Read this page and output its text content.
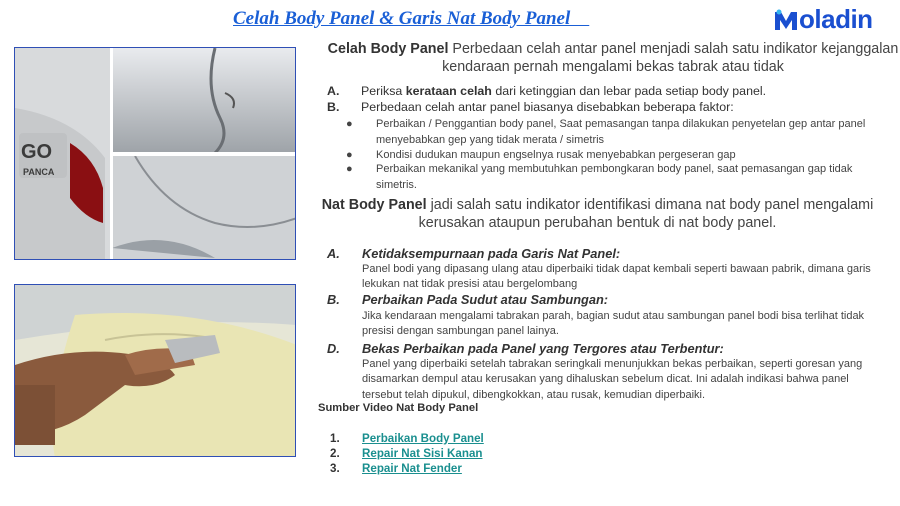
Celah Body Panel & Garis Nat Body Panel	oladin
GO
PANCA
Celah Body Panel Perbedaan celah antar panel menjadi salah satu indikator kejanggalan kendaraan pernah mengalami bekas tabrak atau tidak
A. Periksa kerataan celah dari ketinggian dan lebar pada setiap body panel.
B. Perbedaan celah antar panel biasanya disebabkan beberapa faktor:
● Perbaikan / Penggantian body panel, Saat pemasangan tanpa dilakukan penyetelan gep antar panel menyebabkan gep yang tidak merata / simetris
● Kondisi dudukan maupun engselnya rusak menyebabkan pergeseran gap
● Perbaikan mekanikal yang membutuhkan pembongkaran body panel, saat pemasangan gap tidak simetris.
Nat Body Panel jadi salah satu indikator identifikasi dimana nat body panel mengalami kerusakan ataupun perubahan bentuk di nat body panel.
A. Ketidaksempurnaan pada Garis Nat Panel:
Panel bodi yang dipasang ulang atau diperbaiki tidak dapat kembali seperti bawaan pabrik, dimana garis lekukan nat tidak presisi atau bergelombang
B. Perbaikan Pada Sudut atau Sambungan:
Jika kendaraan mengalami tabrakan parah, bagian sudut atau sambungan panel bodi bisa terlihat tidak presisi dengan sambungan panel lainya.
D. Bekas Perbaikan pada Panel yang Tergores atau Terbentur:
Panel yang diperbaiki setelah tabrakan seringkali menunjukkan bekas perbaikan, seperti goresan yang disamarkan dempul atau kerusakan yang dihaluskan sebelum dicat. Ini adalah indikasi bahwa panel tersebut telah dipukul, dibengkokkan, atau rusak, kemudian diperbaiki.
Sumber Video Nat Body Panel
1. Perbaikan Body Panel
2. Repair Nat Sisi Kanan
3. Repair Nat Fender
